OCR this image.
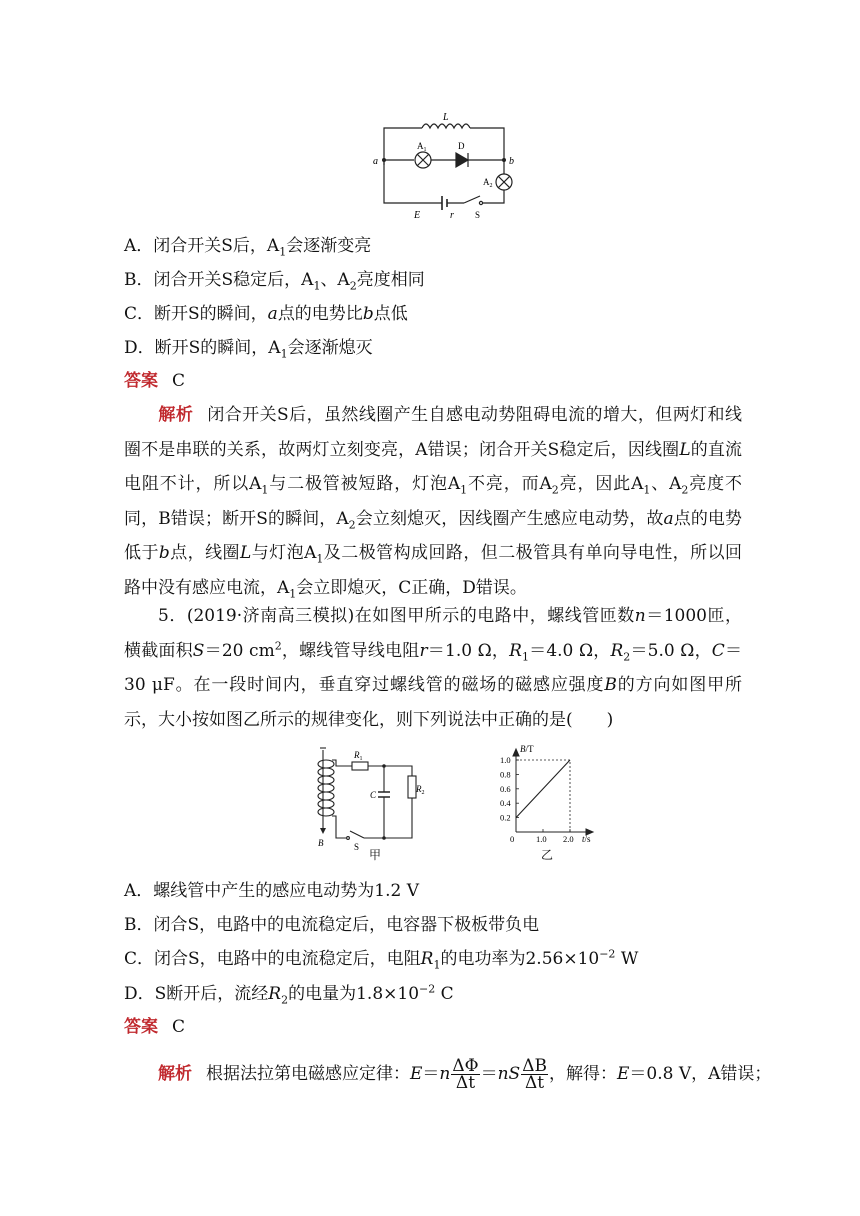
L
a	b
$A_1$	D
$A_2$
E	r S
A．闭合开关S后，$A_1$会逐渐变亮
B．闭合开关S稳定后，$A_1$、$A_2$亮度相同
C．断开S的瞬间，a点的电势比b点低
D．断开S的瞬间，$A_1$会逐渐熄灭
答案 C
解析 闭合开关S后，虽然线圈产生自感电动势阻碍电流的增大，但两灯和线圈不是串联的关系，故两灯立刻变亮，A错误；闭合开关S稳定后，因线圈L的直流电阻不计，所以$A_1$与二极管被短路，灯泡$A_1$不亮，而$A_2$亮，因此$A_1$、$A_2$亮度不同，B错误；断开S的瞬间，$A_2$会立刻熄灭，因线圈产生感应电动势，故a点的电势低于b点，线圈L与灯泡$A_1$及二极管构成回路，但二极管具有单向导电性，所以回路中没有感应电流，$A_1$会立即熄灭，C正确，D错误。
5．(2019·济南高三模拟)在如图甲所示的电路中，螺线管匝数n＝1000匝，横截面积S＝20 $cm^2$，螺线管导线电阻r＝1.0 Ω，$R_1=4.0$ Ω，$R_2=5.0$ Ω，C＝30 μF。在一段时间内，垂直穿过螺线管的磁场的磁感应强度B的方向如图甲所示，大小按如图乙所示的规律变化，则下列说法中正确的是(　　)
$R_1$
C
$R_2$
S
B
甲
0.2
0.4
0.6
0.8
1.0
1.0 2.0
B/T
t/s
0
乙
A．螺线管中产生的感应电动势为1.2 V
B．闭合S，电路中的电流稳定后，电容器下极板带负电
C．闭合S，电路中的电流稳定后，电阻$R_1$的电功率为$2.56\times 10^{-2}$ W
D．S断开后，流经$R_2$的电量为$1.8\times 10^{-2}$ C
答案 C
解析 根据法拉第电磁感应定律：$E=n \frac{\Delta\Phi}{\Delta t} =nS \frac{\Delta B}{\Delta t}$ ，解得：E＝0.8 V，A错误；
